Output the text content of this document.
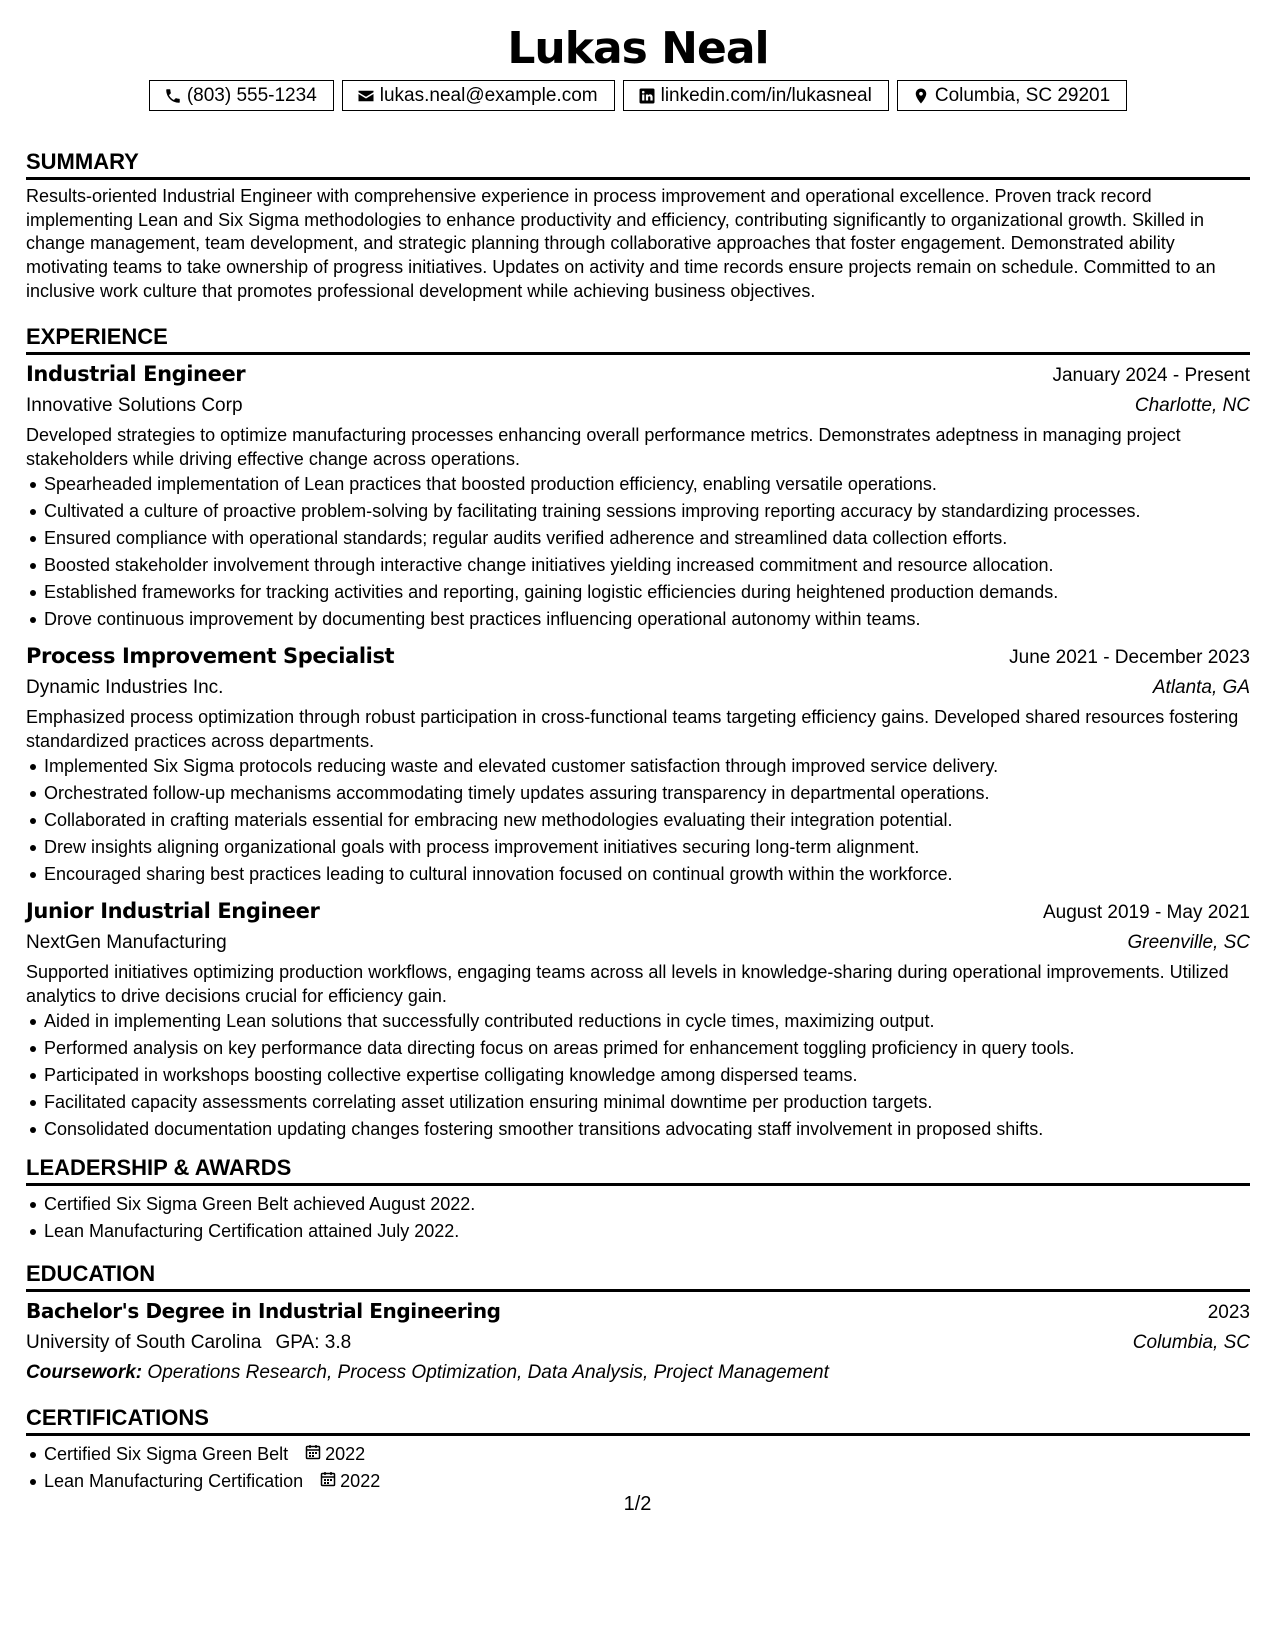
Lukas Neal
(803) 555-1234	lukas.neal@example.com	linkedin.com/in/lukasneal	Columbia, SC 29201
SUMMARY
Results-oriented Industrial Engineer with comprehensive experience in process improvement and operational excellence. Proven track record implementing Lean and Six Sigma methodologies to enhance productivity and efficiency, contributing significantly to organizational growth. Skilled in change management, team development, and strategic planning through collaborative approaches that foster engagement. Demonstrated ability motivating teams to take ownership of progress initiatives. Updates on activity and time records ensure projects remain on schedule. Committed to an inclusive work culture that promotes professional development while achieving business objectives.
EXPERIENCE
Industrial Engineer	January 2024 - Present
Innovative Solutions Corp	Charlotte, NC
Developed strategies to optimize manufacturing processes enhancing overall performance metrics. Demonstrates adeptness in managing project stakeholders while driving effective change across operations.
Spearheaded implementation of Lean practices that boosted production efficiency, enabling versatile operations.
Cultivated a culture of proactive problem-solving by facilitating training sessions improving reporting accuracy by standardizing processes.
Ensured compliance with operational standards; regular audits verified adherence and streamlined data collection efforts.
Boosted stakeholder involvement through interactive change initiatives yielding increased commitment and resource allocation.
Established frameworks for tracking activities and reporting, gaining logistic efficiencies during heightened production demands.
Drove continuous improvement by documenting best practices influencing operational autonomy within teams.
Process Improvement Specialist	June 2021 - December 2023
Dynamic Industries Inc.	Atlanta, GA
Emphasized process optimization through robust participation in cross-functional teams targeting efficiency gains. Developed shared resources fostering standardized practices across departments.
Implemented Six Sigma protocols reducing waste and elevated customer satisfaction through improved service delivery.
Orchestrated follow-up mechanisms accommodating timely updates assuring transparency in departmental operations.
Collaborated in crafting materials essential for embracing new methodologies evaluating their integration potential.
Drew insights aligning organizational goals with process improvement initiatives securing long-term alignment.
Encouraged sharing best practices leading to cultural innovation focused on continual growth within the workforce.
Junior Industrial Engineer	August 2019 - May 2021
NextGen Manufacturing	Greenville, SC
Supported initiatives optimizing production workflows, engaging teams across all levels in knowledge-sharing during operational improvements. Utilized analytics to drive decisions crucial for efficiency gain.
Aided in implementing Lean solutions that successfully contributed reductions in cycle times, maximizing output.
Performed analysis on key performance data directing focus on areas primed for enhancement toggling proficiency in query tools.
Participated in workshops boosting collective expertise colligating knowledge among dispersed teams.
Facilitated capacity assessments correlating asset utilization ensuring minimal downtime per production targets.
Consolidated documentation updating changes fostering smoother transitions advocating staff involvement in proposed shifts.
LEADERSHIP & AWARDS
Certified Six Sigma Green Belt achieved August 2022.
Lean Manufacturing Certification attained July 2022.
EDUCATION
Bachelor's Degree in Industrial Engineering	2023
University of South Carolina GPA: 3.8	Columbia, SC
Coursework: Operations Research, Process Optimization, Data Analysis, Project Management
CERTIFICATIONS
Certified Six Sigma Green Belt 2022
Lean Manufacturing Certification 2022
1/2
